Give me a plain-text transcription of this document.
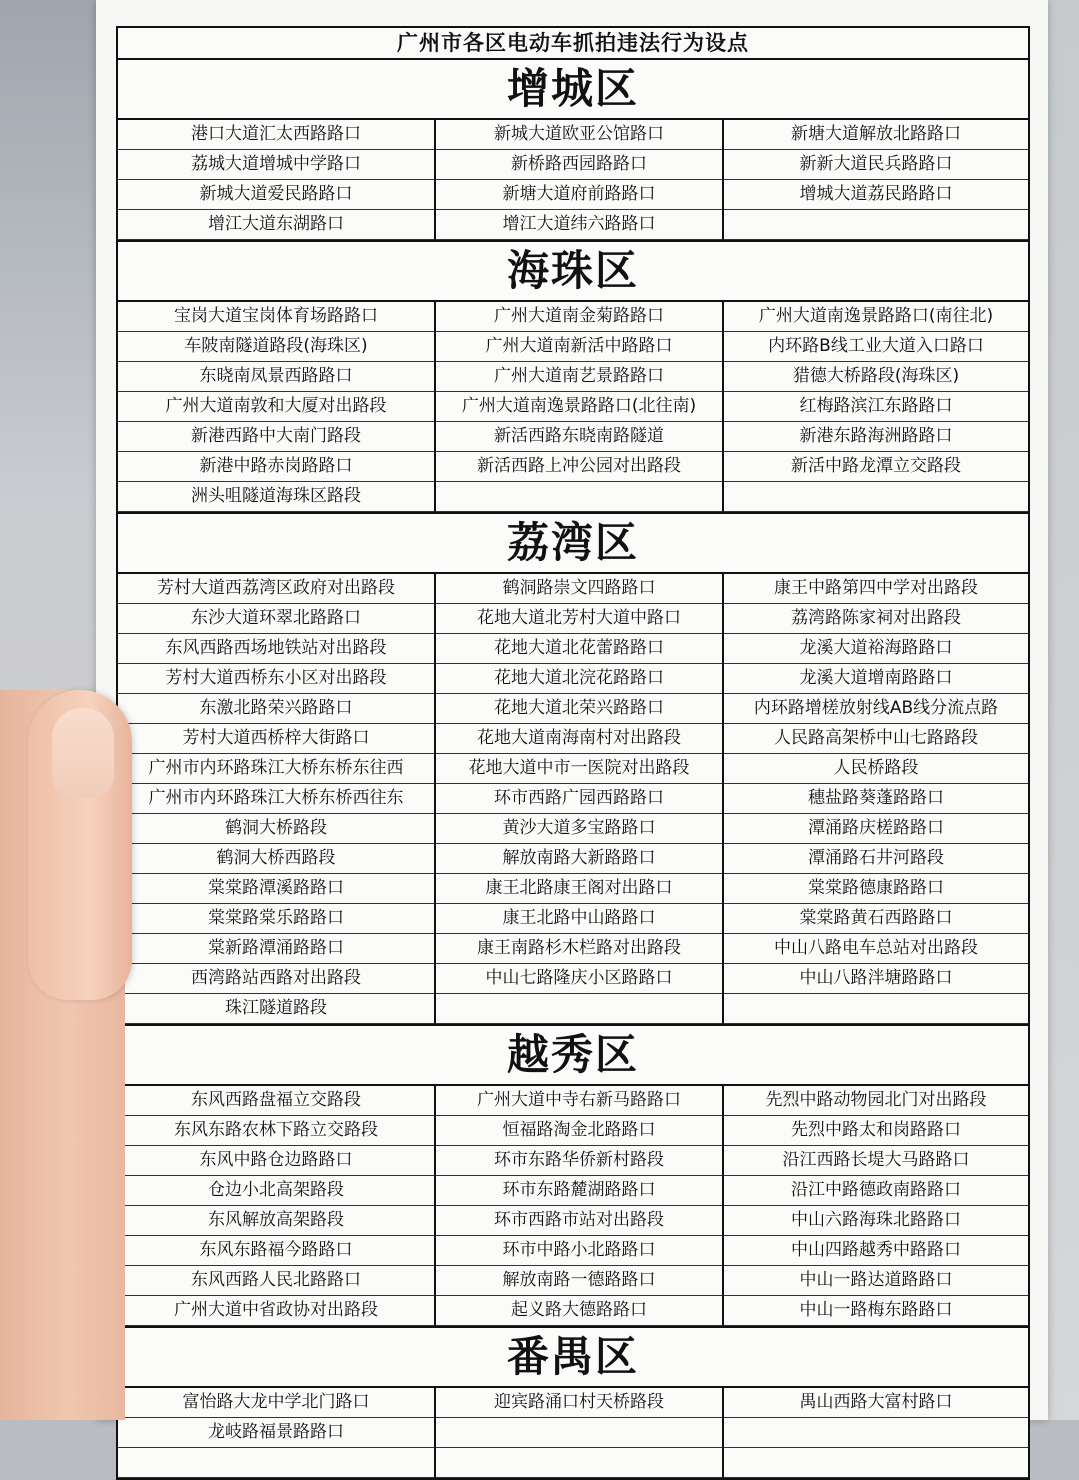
广州市各区电动车抓拍违法行为设点
增城区
港口大道汇太西路路口	新城大道欧亚公馆路口	新塘大道解放北路路口
荔城大道增城中学路口	新桥路西园路路口	新新大道民兵路路口
新城大道爱民路路口	新塘大道府前路路口	增城大道荔民路路口
增江大道东湖路口	增江大道纬六路路口
海珠区
宝岗大道宝岗体育场路路口	广州大道南金菊路路口	广州大道南逸景路路口(南往北)
车陂南隧道路段(海珠区)	广州大道南新活中路路口	内环路B线工业大道入口路口
东晓南凤景西路路口	广州大道南艺景路路口	猎德大桥路段(海珠区)
广州大道南敦和大厦对出路段	广州大道南逸景路路口(北往南)	红梅路滨江东路路口
新港西路中大南门路段	新活西路东晓南路隧道	新港东路海洲路路口
新港中路赤岗路路口	新活西路上冲公园对出路段	新活中路龙潭立交路段
洲头咀隧道海珠区路段
荔湾区
芳村大道西荔湾区政府对出路段	鹤洞路崇文四路路口	康王中路第四中学对出路段
东沙大道环翠北路路口	花地大道北芳村大道中路口	荔湾路陈家祠对出路段
东风西路西场地铁站对出路段	花地大道北花蕾路路口	龙溪大道裕海路路口
芳村大道西桥东小区对出路段	花地大道北浣花路路口	龙溪大道增南路路口
东激北路荣兴路路口	花地大道北荣兴路路口	内环路增槎放射线AB线分流点路
芳村大道西桥梓大街路口	花地大道南海南村对出路段	人民路高架桥中山七路路段
广州市内环路珠江大桥东桥东往西	花地大道中市一医院对出路段	人民桥路段
广州市内环路珠江大桥东桥西往东	环市西路广园西路路口	穗盐路葵蓬路路口
鹤洞大桥路段	黄沙大道多宝路路口	潭涌路庆槎路路口
鹤洞大桥西路段	解放南路大新路路口	潭涌路石井河路段
棠棠路潭溪路路口	康王北路康王阁对出路口	棠棠路德康路路口
棠棠路棠乐路路口	康王北路中山路路口	棠棠路黄石西路路口
棠新路潭涌路路口	康王南路杉木栏路对出路段	中山八路电车总站对出路段
西湾路站西路对出路段	中山七路隆庆小区路路口	中山八路泮塘路路口
珠江隧道路段
越秀区
东风西路盘福立交路段	广州大道中寺右新马路路口	先烈中路动物园北门对出路段
东风东路农林下路立交路段	恒福路淘金北路路口	先烈中路太和岗路路口
东风中路仓边路路口	环市东路华侨新村路段	沿江西路长堤大马路路口
仓边小北高架路段	环市东路麓湖路路口	沿江中路德政南路路口
东风解放高架路段	环市西路市站对出路段	中山六路海珠北路路口
东风东路福今路路口	环市中路小北路路口	中山四路越秀中路路口
东风西路人民北路路口	解放南路一德路路口	中山一路达道路路口
广州大道中省政协对出路段	起义路大德路路口	中山一路梅东路路口
番禺区
富怡路大龙中学北门路口	迎宾路涌口村天桥路段	禺山西路大富村路口
龙岐路福景路路口
